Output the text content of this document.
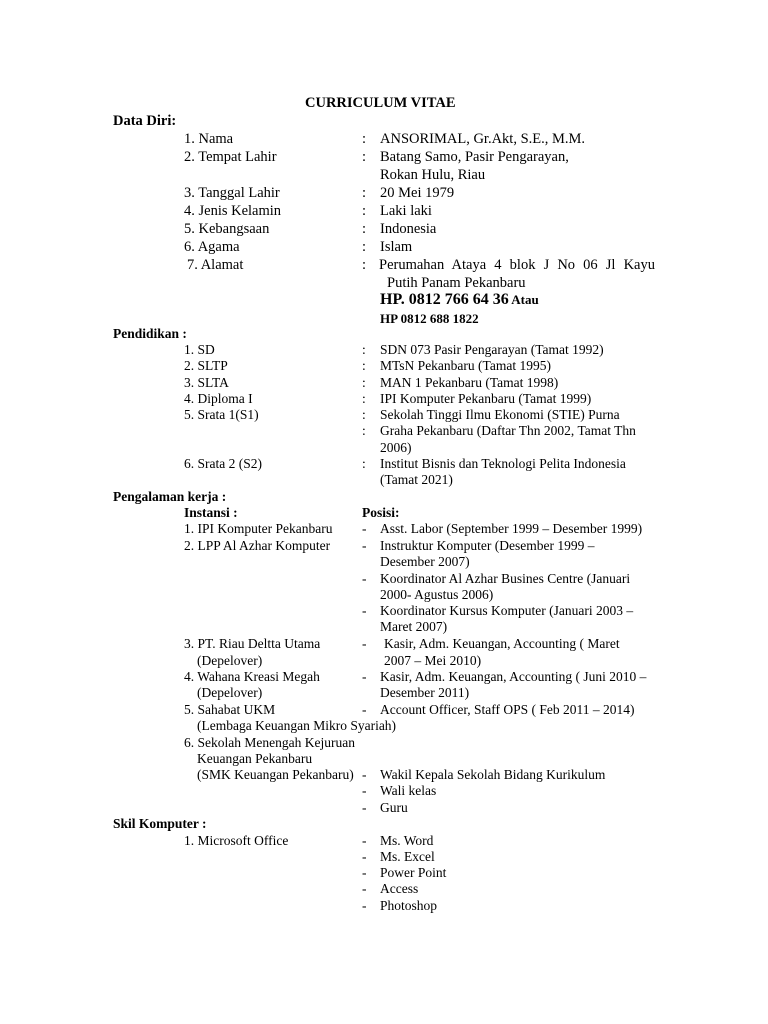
CURRICULUM VITAE
Data Diri:
1. Nama	: ANSORIMAL, Gr.Akt, S.E., M.M.
2. Tempat Lahir	: Batang Samo, Pasir Pengarayan,
Rokan Hulu, Riau
3. Tanggal Lahir	: 20 Mei 1979
4. Jenis Kelamin	: Laki laki
5. Kebangsaan	: Indonesia
6. Agama	: Islam
7. Alamat	: Perumahan Ataya 4 blok J No 06 Jl Kayu
Putih Panam Pekanbaru
HP. 0812 766 64 36 Atau
HP 0812 688 1822
Pendidikan :
1. SD	: SDN 073 Pasir Pengarayan (Tamat 1992)
2. SLTP	: MTsN Pekanbaru (Tamat 1995)
3. SLTA	: MAN 1 Pekanbaru (Tamat 1998)
4. Diploma I	: IPI Komputer Pekanbaru (Tamat 1999)
5. Srata 1(S1)	: Sekolah Tinggi Ilmu Ekonomi (STIE) Purna
: Graha Pekanbaru (Daftar Thn 2002, Tamat Thn
2006)
6. Srata 2 (S2)	: Institut Bisnis dan Teknologi Pelita Indonesia
(Tamat 2021)
Pengalaman kerja :
Instansi :	Posisi:
1. IPI Komputer Pekanbaru - Asst. Labor (September 1999 – Desember 1999)
2. LPP Al Azhar Komputer - Instruktur Komputer (Desember 1999 –
Desember 2007)
- Koordinator Al Azhar Busines Centre (Januari
2000- Agustus 2006)
- Koordinator Kursus Komputer (Januari 2003 –
Maret 2007)
3. PT. Riau Deltta Utama
(Depelover)
- Kasir, Adm. Keuangan, Accounting ( Maret
2007 – Mei 2010)
4. Wahana Kreasi Megah
(Depelover)
- Kasir, Adm. Keuangan, Accounting ( Juni 2010 –
Desember 2011)
5. Sahabat UKM	- Account Officer, Staff OPS ( Feb 2011 – 2014)
(Lembaga Keuangan Mikro Syariah)
6. Sekolah Menengah Kejuruan
Keuangan Pekanbaru
(SMK Keuangan Pekanbaru) - Wakil Kepala Sekolah Bidang Kurikulum
- Wali kelas
- Guru
Skil Komputer :
1. Microsoft Office	- Ms. Word
- Ms. Excel
- Power Point
- Access
- Photoshop
